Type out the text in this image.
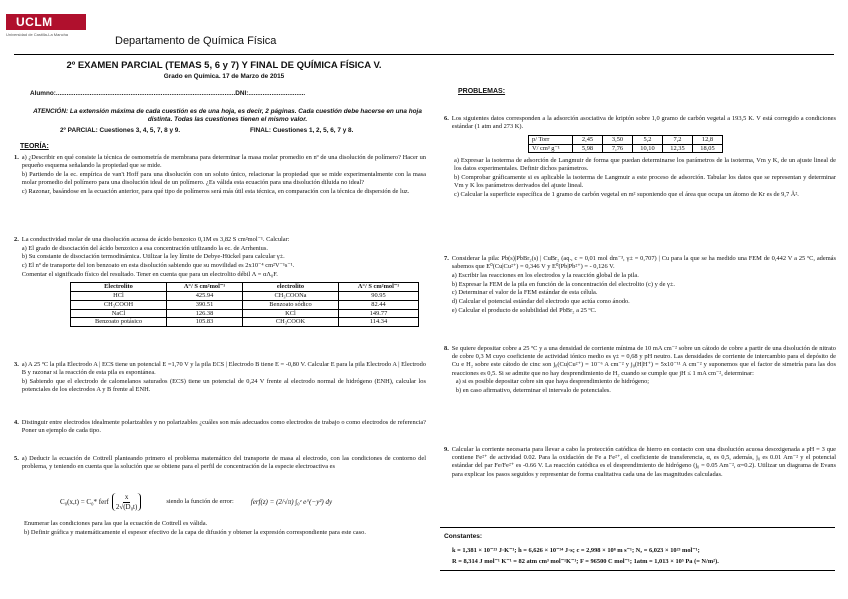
UCLM
Universidad de Castilla-La Mancha
Departamento de Química Física
2º EXAMEN PARCIAL (TEMAS 5, 6 y 7) Y FINAL DE QUÍMICA FÍSICA V.
Grado en Química. 17 de Marzo de 2015
Alumno:.....................................................................................................DNI:................................
ATENCIÓN: La extensión máxima de cada cuestión es de una hoja, es decir, 2 páginas. Cada cuestión debe hacerse en una hoja distinta. Todas las cuestiones tienen el mismo valor.
2º PARCIAL: Cuestiones 3, 4, 5, 7, 8 y 9.	FINAL: Cuestiones 1, 2, 5, 6, 7 y 8.
TEORÍA:
1. a) ¿Describir en qué consiste la técnica de osmometría de membrana para determinar la masa molar promedio en nº de una disolución de polímero? Hacer un pequeño esquema señalando la propiedad que se mide.

b) Partiendo de la ec. empírica de van't Hoff para una disolución con un soluto único, relacionar la propiedad que se mide experimentalmente con la masa molar promedio del polímero para una disolución ideal de un polímero. ¿Es válida esta ecuación para una disolución diluida no ideal?

c) Razonar, basándose en la ecuación anterior, para qué tipo de polímeros será más útil esta técnica, en comparación con la técnica de dispersión de luz.

2. La conductividad molar de una disolución acuosa de ácido benzoico 0,1M es 3,82 S cm²mol⁻¹. Calcular:

a) El grado de disociación del ácido benzoico a esa concentración utilizando la ec. de Arrhenius.

b) Su constante de disociación termodinámica. Utilizar la ley límite de Debye-Hückel para calcular γ±.

c) El nº de transporte del ion benzoato en esta disolución sabiendo que su movilidad es 2x10⁻⁴ cm²V⁻¹s⁻¹.

Comentar el significado físico del resultado. Tener en cuenta que para un electrolito débil Λ = αΛ₀F.

Electrolito	Λ°/ S cm²mol⁻¹	electrolito	Λ°/ S cm²mol⁻¹
HCl	425.94	CH₃COONa	90.95
CH₃COOH	390.51	Benzoato sódico	82.44
NaCl	126.38	KCl	149.77
Benzoato potásico	105.83	CH₃COOK	114.34
3. a) A 25 ºC la pila Electrodo A | ECS tiene un potencial E =1,70 V y la pila ECS | Electrodo B tiene E = -0,80 V. Calcular E para la pila Electrodo A | Electrodo B y razonar si la reacción de esta pila es espontánea.

b) Sabiendo que el electrodo de calomelanos saturados (ECS) tiene un potencial de 0,24 V frente al electrodo normal de hidrógeno (ENH), calcular los potenciales de los electrodos A y B frente al ENH.

4. Distinguir entre electrodos idealmente polarizables y no polarizables ¿cuáles son más adecuados como electrodos de trabajo o como electrodos de referencia? Poner un ejemplo de cada tipo.

5. a) Deducir la ecuación de Cottrell planteando primero el problema matemático del transporte de masa al electrodo, con las condiciones de contorno del problema, y teniendo en cuenta que la solución que se obtiene para el perfil de concentración de la especie electroactiva es

C₀(x,t) = C₀* ferf $\frac{x}{\text{2√(D₀t)}}$	siendo la función de error: ferf(z) = (2/√π) ∫₀ᶻ e^(−y²) dy

Enumerar las condiciones para las que la ecuación de Cottrell es válida.

b) Definir gráfica y matemáticamente el espesor efectivo de la capa de difusión y obtener la expresión correspondiente para este caso.

PROBLEMAS:
6. Los siguientes datos corresponden a la adsorción asociativa de kriptón sobre 1,0 gramo de carbón vegetal a 193,5 K. V está corregido a condiciones estándar (1 atm and 273 K).

p/ Torr	2,45	3,50	5,2	7,2	12,8
V/ cm³ g⁻¹	5,98	7,76	10,10	12,35	18,05

a) Expresar la isoterma de adsorción de Langmuir de forma que puedan determinarse los parámetros de la isoterma, Vm y K, de un ajuste lineal de los datos experimentales. Definir dichos parámetros.

b) Comprobar gráficamente si es aplicable la isoterma de Langmuir a este proceso de adsorción. Tabular los datos que se representan y determinar Vm y K los parámetros derivados del ajuste lineal.

c) Calcular la superficie específica de 1 gramo de carbón vegetal en m² suponiendo que el área que ocupa un átomo de Kr es de 9,7 Å².

7. Considerar la pila: Pb(s)|PbBr₂(s) | CuBr₂ (aq., c = 0,01 mol dm⁻³, γ± = 0,707) | Cu para la que se ha medido una FEM de 0,442 V a 25 ºC, además sabemos que E⁰(Cu|Cu²⁺) = 0,346 V y E⁰(Pb|Pb²⁺) = - 0,126 V.

a) Escribir las reacciones en los electrodos y la reacción global de la pila.

b) Expresar la FEM de la pila en función de la concentración del electrolito (c) y de γ±.

c) Determinar el valor de la FEM estándar de esta célula.

d) Calcular el potencial estándar del electrodo que actúa como ánodo.

e) Calcular el producto de solubilidad del PbBr₂ a 25 ºC.

8. Se quiere depositar cobre a 25 ºC y a una densidad de corriente mínima de 10 mA cm⁻² sobre un cátodo de cobre a partir de una disolución de nitrato de cobre 0,3 M cuyo coeficiente de actividad iónico medio es γ± = 0,68 y pH neutro. Las densidades de corriente de intercambio para el depósito de Cu e H₂ sobre este cátodo de cinc son j₀(Cu|Cu²⁺) = 10⁻⁶ A cm⁻² y j₀(H|H⁺) = 5x10⁻¹¹ A cm⁻² y suponemos que el factor de simetría para las dos reacciones es 0,5. Si se admite que no hay desprendimiento de H₂ cuando se cumple que jH ≤ 1 mA cm⁻², determinar:

a) si es posible depositar cobre sin que haya desprendimiento de hidrógeno;

b) en caso afirmativo, determinar el intervalo de potenciales.

9. Calcular la corriente necesaria para llevar a cabo la protección catódica de hierro en contacto con una disolución acuosa desoxigenada a pH = 3 que contiene Fe²⁺ de actividad 0.02. Para la oxidación de Fe a Fe²⁺, el coeficiente de transferencia, α, es 0,5, además, j₀ es 0.01 Am⁻² y el potencial estándar del par Fe/Fe²⁺ es -0.66 V. La reacción catódica es el desprendimiento de hidrógeno (j₀ = 0.05 Am⁻², α=0.2). Utilizar un diagrama de Evans para explicar los pasos seguidos y representar de forma cualitativa cada una de las magnitudes calculadas.

Constantes:
k = 1,381 × 10⁻²³ J·K⁻¹; h = 6,626 × 10⁻³⁴ J·s; c = 2,998 × 10⁸ m s⁻¹; Nₐ = 6,023 × 10²³ mol⁻¹;
R = 8,314 J mol⁻¹ K⁻¹ = 82 atm cm³ mol⁻¹K⁻¹; F = 96500 C mol⁻¹; 1atm = 1,013 × 10⁵ Pa (= N/m²).
